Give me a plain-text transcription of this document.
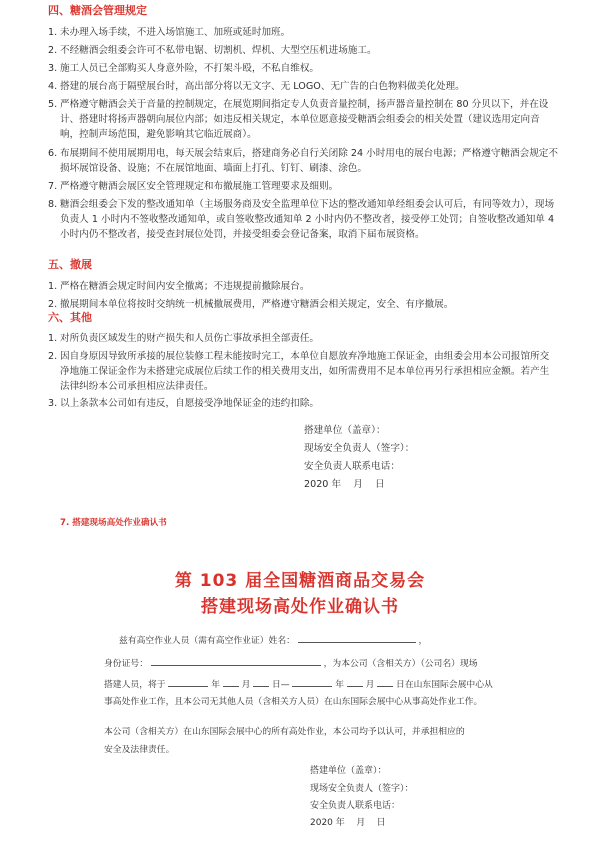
四、糖酒会管理规定
1. 未办理入场手续，不进入场馆施工、加班或延时加班。
2. 不经糖酒会组委会许可不私带电锯、切割机、焊机、大型空压机进场施工。
3. 施工人员已全部购买人身意外险，不打架斗殴，不私自维权。
4. 搭建的展台高于隔壁展台时，高出部分将以无文字、无 LOGO、无广告的白色物料做美化处理。
5. 严格遵守糖酒会关于音量的控制规定，在展览期间指定专人负责音量控制，扬声器音量控制在 80 分贝以下，并在设计、搭建时将扬声器朝向展位内部；如违反相关规定，本单位愿意接受糖酒会组委会的相关处置（建议选用定向音响，控制声场范围，避免影响其它临近展商）。
6. 布展期间不使用展期用电，每天展会结束后，搭建商务必自行关闭除 24 小时用电的展台电源；严格遵守糖酒会规定不损坏展馆设备、设施；不在展馆地面、墙面上打孔、钉钉、刷漆、涂色。
7. 严格遵守糖酒会展区安全管理规定和布撤展施工管理要求及细则。
8. 糖酒会组委会下发的整改通知单（主场服务商及安全监理单位下达的整改通知单经组委会认可后，有同等效力），现场负责人 1 小时内不签收整改通知单，或自签收整改通知单 2 小时内仍不整改者，接受停工处罚；自签收整改通知单 4 小时内仍不整改者，接受查封展位处罚，并接受组委会登记备案，取消下届布展资格。
五、撤展
1. 严格在糖酒会规定时间内安全撤离；不违规提前撤除展台。
2. 撤展期间本单位将按时交纳统一机械撤展费用，严格遵守糖酒会相关规定，安全、有序撤展。
六、其他
1. 对所负责区域发生的财产损失和人员伤亡事故承担全部责任。
2. 因自身原因导致所承接的展位装修工程未能按时完工，本单位自愿放弃净地施工保证金，由组委会用本公司报馆所交净地施工保证金作为未搭建完成展位后续工作的相关费用支出，如所需费用不足本单位再另行承担相应金额。若产生法律纠纷本公司承担相应法律责任。
3. 以上条款本公司如有违反，自愿接受净地保证金的违约扣除。
搭建单位（盖章）：
现场安全负责人（签字）：
安全负责人联系电话：
2020 年    月    日
7. 搭建现场高处作业确认书
第 103 届全国糖酒商品交易会
搭建现场高处作业确认书
兹有高空作业人员（需有高空作业证）姓名：	，
身份证号：	，为本公司（含相关方）（公司名）现场
搭建人员，将于	年 月 日—	年 月 日在山东国际会展中心从
事高处作业工作，且本公司无其他人员（含相关方人员）在山东国际会展中心从事高处作业工作。
本公司（含相关方）在山东国际会展中心的所有高处作业，本公司均予以认可，并承担相应的
安全及法律责任。
搭建单位（盖章）：
现场安全负责人（签字）：
安全负责人联系电话：
2020 年    月    日
